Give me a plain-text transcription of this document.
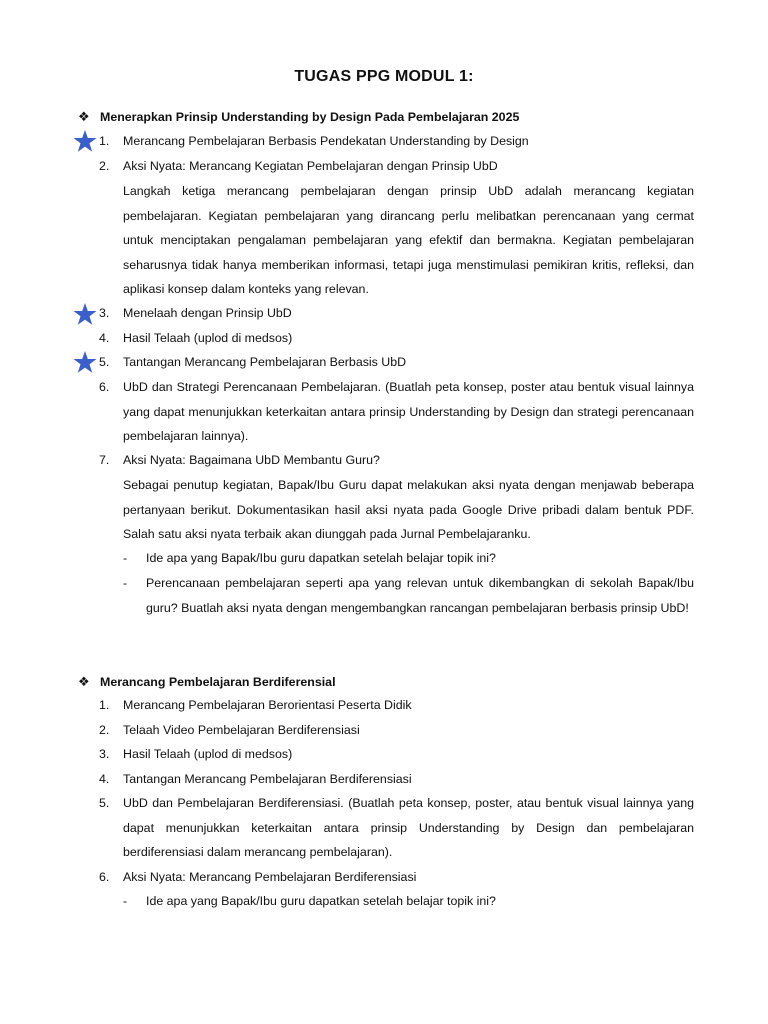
TUGAS PPG MODUL 1:
❖ Menerapkan Prinsip Understanding by Design Pada Pembelajaran 2025
1.	Merancang Pembelajaran Berbasis Pendekatan Understanding by Design
2.	Aksi Nyata: Merancang Kegiatan Pembelajaran dengan Prinsip UbD
Langkah ketiga merancang pembelajaran dengan prinsip UbD adalah merancang kegiatan pembelajaran. Kegiatan pembelajaran yang dirancang perlu melibatkan perencanaan yang cermat untuk menciptakan pengalaman pembelajaran yang efektif dan bermakna. Kegiatan pembelajaran seharusnya tidak hanya memberikan informasi, tetapi juga menstimulasi pemikiran kritis, refleksi, dan aplikasi konsep dalam konteks yang relevan.
3.	Menelaah dengan Prinsip UbD
4.	Hasil Telaah (uplod di medsos)
5.	Tantangan Merancang Pembelajaran Berbasis UbD
6.	UbD dan Strategi Perencanaan Pembelajaran. (Buatlah peta konsep, poster atau bentuk visual lainnya yang dapat menunjukkan keterkaitan antara prinsip Understanding by Design dan strategi perencanaan pembelajaran lainnya).
7.	Aksi Nyata: Bagaimana UbD Membantu Guru?
Sebagai penutup kegiatan, Bapak/Ibu Guru dapat melakukan aksi nyata dengan menjawab beberapa pertanyaan berikut. Dokumentasikan hasil aksi nyata pada Google Drive pribadi dalam bentuk PDF. Salah satu aksi nyata terbaik akan diunggah pada Jurnal Pembelajaranku.
-	Ide apa yang Bapak/Ibu guru dapatkan setelah belajar topik ini?
-	Perencanaan pembelajaran seperti apa yang relevan untuk dikembangkan di sekolah Bapak/Ibu guru? Buatlah aksi nyata dengan mengembangkan rancangan pembelajaran berbasis prinsip UbD!
❖ Merancang Pembelajaran Berdiferensial
1.	Merancang Pembelajaran Berorientasi Peserta Didik
2.	Telaah Video Pembelajaran Berdiferensiasi
3.	Hasil Telaah (uplod di medsos)
4.	Tantangan Merancang Pembelajaran Berdiferensiasi
5.	UbD dan Pembelajaran Berdiferensiasi. (Buatlah peta konsep, poster, atau bentuk visual lainnya yang dapat menunjukkan keterkaitan antara prinsip Understanding by Design dan pembelajaran berdiferensiasi dalam merancang pembelajaran).
6.	Aksi Nyata: Merancang Pembelajaran Berdiferensiasi
-	Ide apa yang Bapak/Ibu guru dapatkan setelah belajar topik ini?
